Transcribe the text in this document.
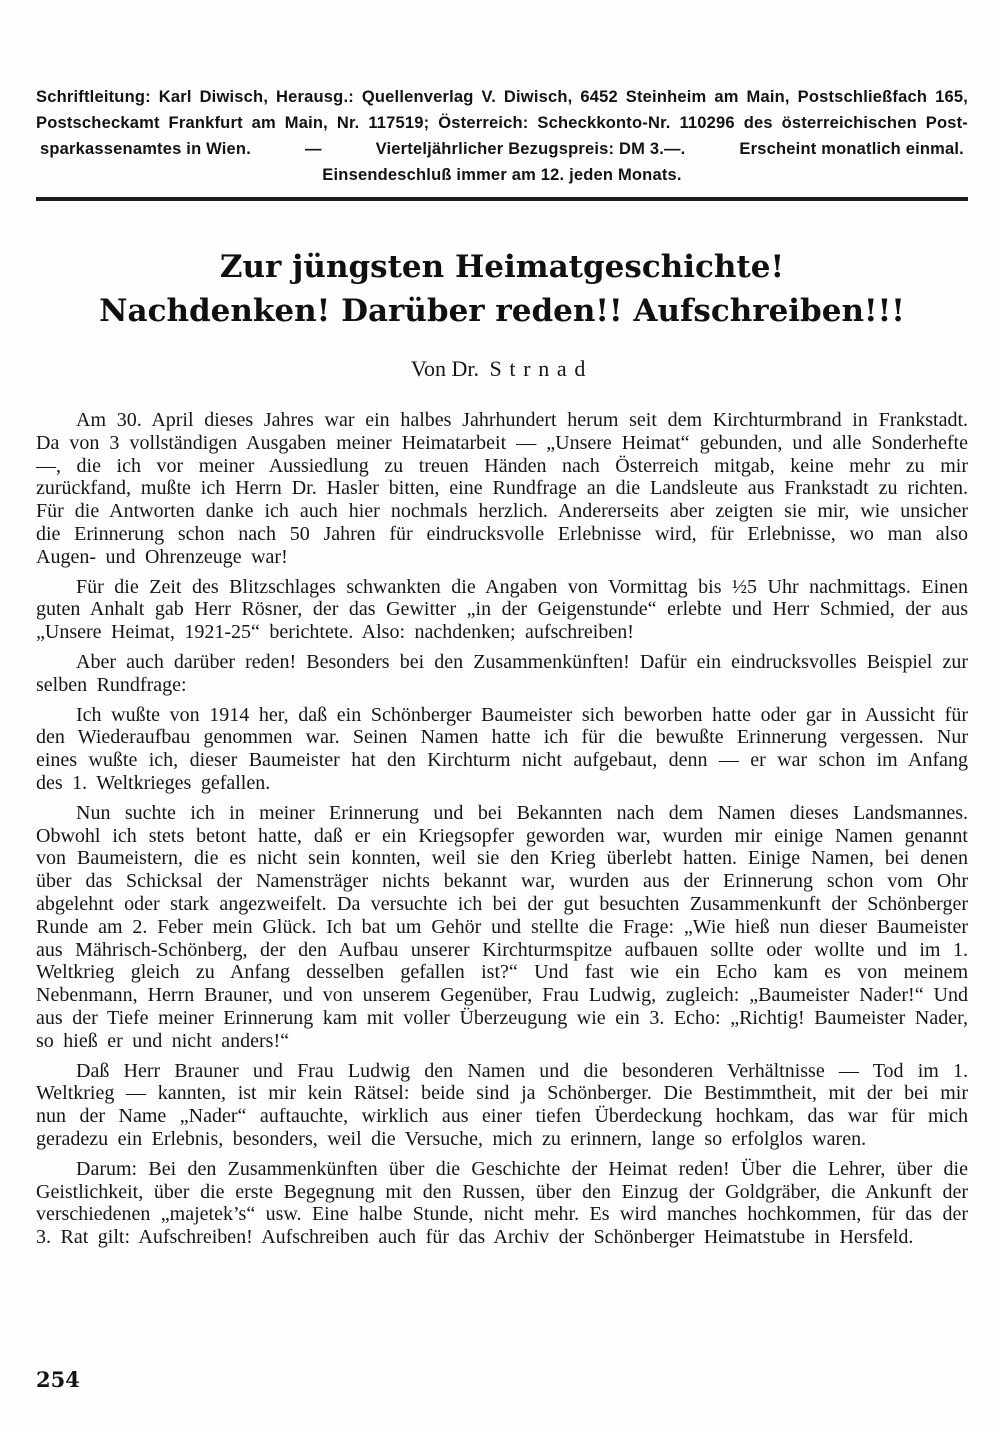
Schriftleitung: Karl Diwisch, Herausg.: Quellenverlag V. Diwisch, 6452 Steinheim am Main, Postschließfach 165,
Postscheckamt Frankfurt am Main, Nr. 117519; Österreich: Scheckkonto-Nr. 110296 des österreichischen Post-
sparkassenamtes in Wien.	—	Vierteljährlicher Bezugspreis: DM 3.—.	Erscheint monatlich einmal.
Einsendeschluß immer am 12. jeden Monats.
Zur jüngsten Heimatgeschichte!
Nachdenken! Darüber reden!! Aufschreiben!!!
Von Dr. Strnad

Am 30. April dieses Jahres war ein halbes Jahrhundert herum seit dem Kirchturmbrand in Frankstadt. Da von 3 vollständigen Ausgaben meiner Heimatarbeit — „Unsere Heimat“ gebunden, und alle Sonderhefte —, die ich vor meiner Aussiedlung zu treuen Händen nach Österreich mitgab, keine mehr zu mir zurückfand, mußte ich Herrn Dr. Hasler bitten, eine Rundfrage an die Landsleute aus Frankstadt zu richten. Für die Antworten danke ich auch hier nochmals herzlich. Andererseits aber zeigten sie mir, wie unsicher die Erinnerung schon nach 50 Jahren für eindrucksvolle Erlebnisse wird, für Erlebnisse, wo man also Augen- und Ohrenzeuge war!

Für die Zeit des Blitzschlages schwankten die Angaben von Vormittag bis ½5 Uhr nachmittags. Einen guten Anhalt gab Herr Rösner, der das Gewitter „in der Geigenstunde“ erlebte und Herr Schmied, der aus „Unsere Heimat, 1921-25“ berichtete. Also: nachdenken; aufschreiben!

Aber auch darüber reden! Besonders bei den Zusammenkünften! Dafür ein eindrucksvolles Beispiel zur selben Rundfrage:

Ich wußte von 1914 her, daß ein Schönberger Baumeister sich beworben hatte oder gar in Aussicht für den Wiederaufbau genommen war. Seinen Namen hatte ich für die bewußte Erinnerung vergessen. Nur eines wußte ich, dieser Baumeister hat den Kirchturm nicht aufgebaut, denn — er war schon im Anfang des 1. Weltkrieges gefallen.

Nun suchte ich in meiner Erinnerung und bei Bekannten nach dem Namen dieses Landsmannes. Obwohl ich stets betont hatte, daß er ein Kriegsopfer geworden war, wurden mir einige Namen genannt von Baumeistern, die es nicht sein konnten, weil sie den Krieg überlebt hatten. Einige Namen, bei denen über das Schicksal der Namensträger nichts bekannt war, wurden aus der Erinnerung schon vom Ohr abgelehnt oder stark angezweifelt. Da versuchte ich bei der gut besuchten Zusammenkunft der Schönberger Runde am 2. Feber mein Glück. Ich bat um Gehör und stellte die Frage: „Wie hieß nun dieser Baumeister aus Mährisch-Schönberg, der den Aufbau unserer Kirchturmspitze aufbauen sollte oder wollte und im 1. Weltkrieg gleich zu Anfang desselben gefallen ist?“ Und fast wie ein Echo kam es von meinem Nebenmann, Herrn Brauner, und von unserem Gegenüber, Frau Ludwig, zugleich: „Baumeister Nader!“ Und aus der Tiefe meiner Erinnerung kam mit voller Überzeugung wie ein 3. Echo: „Richtig! Baumeister Nader, so hieß er und nicht anders!“

Daß Herr Brauner und Frau Ludwig den Namen und die besonderen Verhältnisse — Tod im 1. Weltkrieg — kannten, ist mir kein Rätsel: beide sind ja Schönberger. Die Bestimmtheit, mit der bei mir nun der Name „Nader“ auftauchte, wirklich aus einer tiefen Überdeckung hochkam, das war für mich geradezu ein Erlebnis, besonders, weil die Versuche, mich zu erinnern, lange so erfolglos waren.

Darum: Bei den Zusammenkünften über die Geschichte der Heimat reden! Über die Lehrer, über die Geistlichkeit, über die erste Begegnung mit den Russen, über den Einzug der Goldgräber, die Ankunft der verschiedenen „majetek’s“ usw. Eine halbe Stunde, nicht mehr. Es wird manches hochkommen, für das der 3. Rat gilt: Aufschreiben! Aufschreiben auch für das Archiv der Schönberger Heimatstube in Hersfeld.

254
